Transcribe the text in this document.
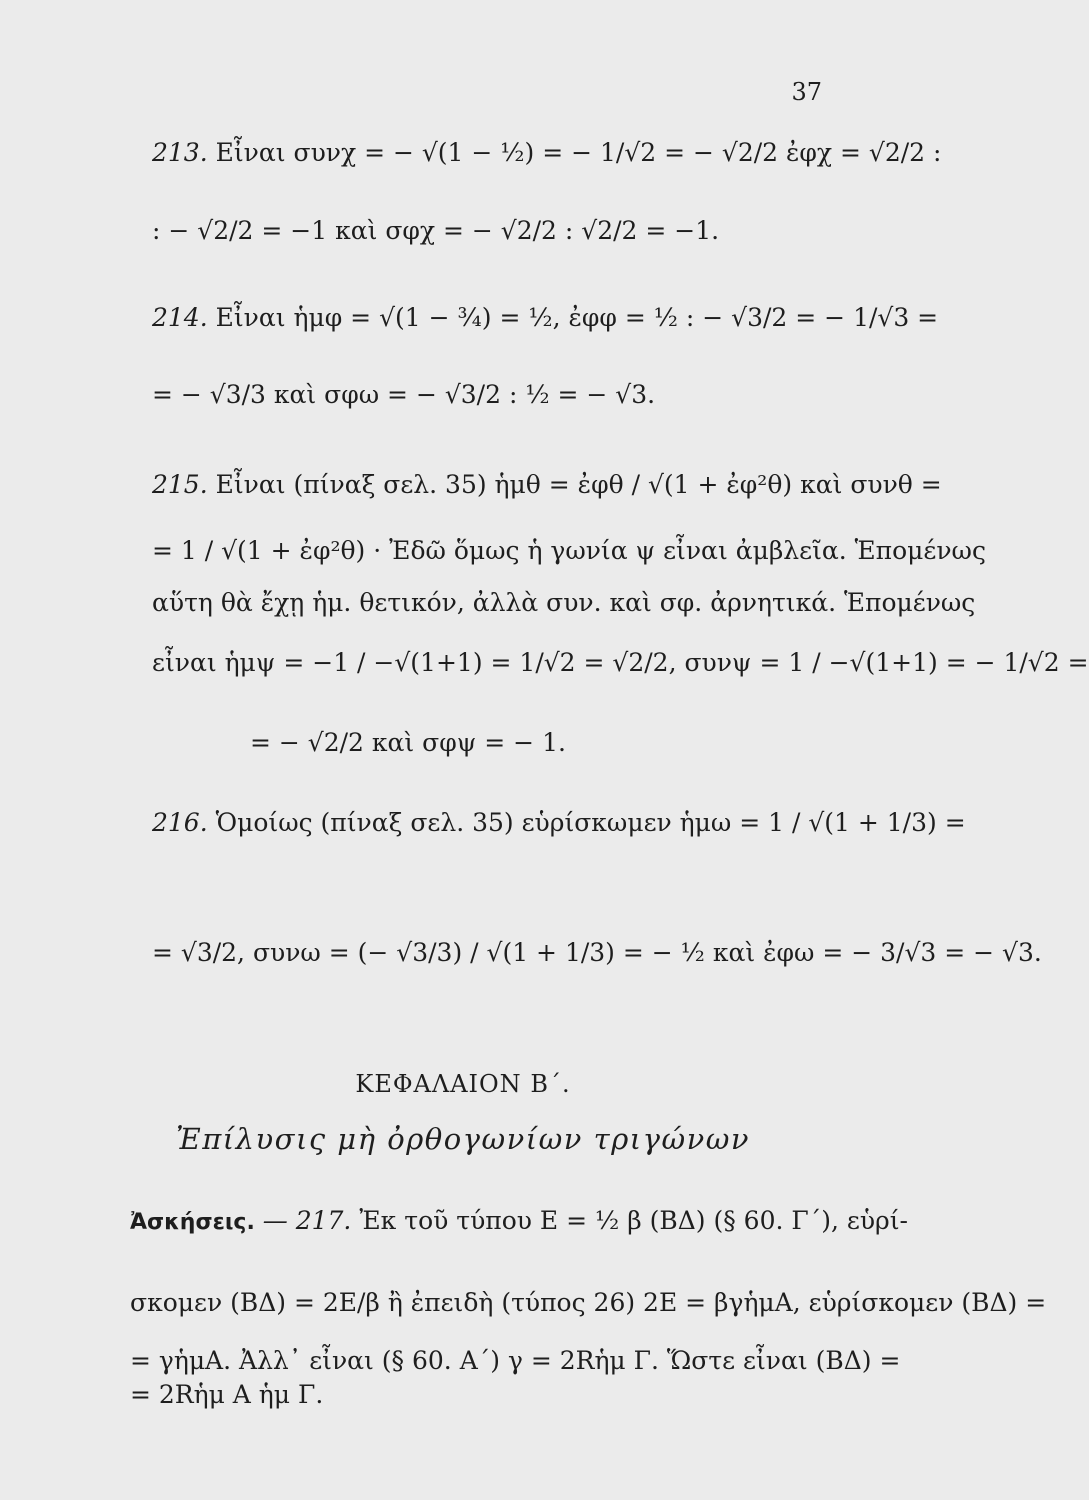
37
213. Εἶναι συνχ = − √(1 − ½) = − 1/√2 = − √2/2 ἐφχ = √2/2 :
: − √2/2 = −1 καὶ σφχ = − √2/2 : √2/2 = −1.
214. Εἶναι ἡμφ = √(1 − ¾) = ½, ἐφφ = ½ : − √3/2 = − 1/√3 =
= − √3/3 καὶ σφω = − √3/2 : ½ = − √3.
215. Εἶναι (πίναξ σελ. 35) ἡμθ = ἐφθ / √(1 + ἐφ²θ) καὶ συνθ =
= 1 / √(1 + ἐφ²θ) · Ἐδῶ ὅμως ἡ γωνία ψ εἶναι ἀμβλεῖα. Ἑπομένως
αὕτη θὰ ἔχῃ ἡμ. θετικόν, ἀλλὰ συν. καὶ σφ. ἀρνητικά. Ἑπομένως
εἶναι ἡμψ = −1 / −√(1+1) = 1/√2 = √2/2, συνψ = 1 / −√(1+1) = − 1/√2 =
= − √2/2 καὶ σφψ = − 1.
216. Ὁμοίως (πίναξ σελ. 35) εὑρίσκωμεν ἡμω = 1 / √(1 + 1/3) =
= √3/2, συνω = (− √3/3) / √(1 + 1/3) = − ½ καὶ ἐφω = − 3/√3 = − √3.
ΚΕΦΑΛΑΙΟΝ Β΄.
Ἐπίλυσις μὴ ὀρθογωνίων τριγώνων
Ἀσκήσεις. — 217. Ἐκ τοῦ τύπου Ε = ½ β (ΒΔ) (§ 60. Γ΄), εὑρί-
σκομεν (ΒΔ) = 2Ε/β ἢ ἐπειδὴ (τύπος 26) 2Ε = βγἡμΑ, εὑρίσκομεν (ΒΔ) =
= γἡμΑ. Ἀλλ᾽ εἶναι (§ 60. Α΄) γ = 2Rἡμ Γ. Ὥστε εἶναι (ΒΔ) =
= 2Rἡμ Α ἡμ Γ.
